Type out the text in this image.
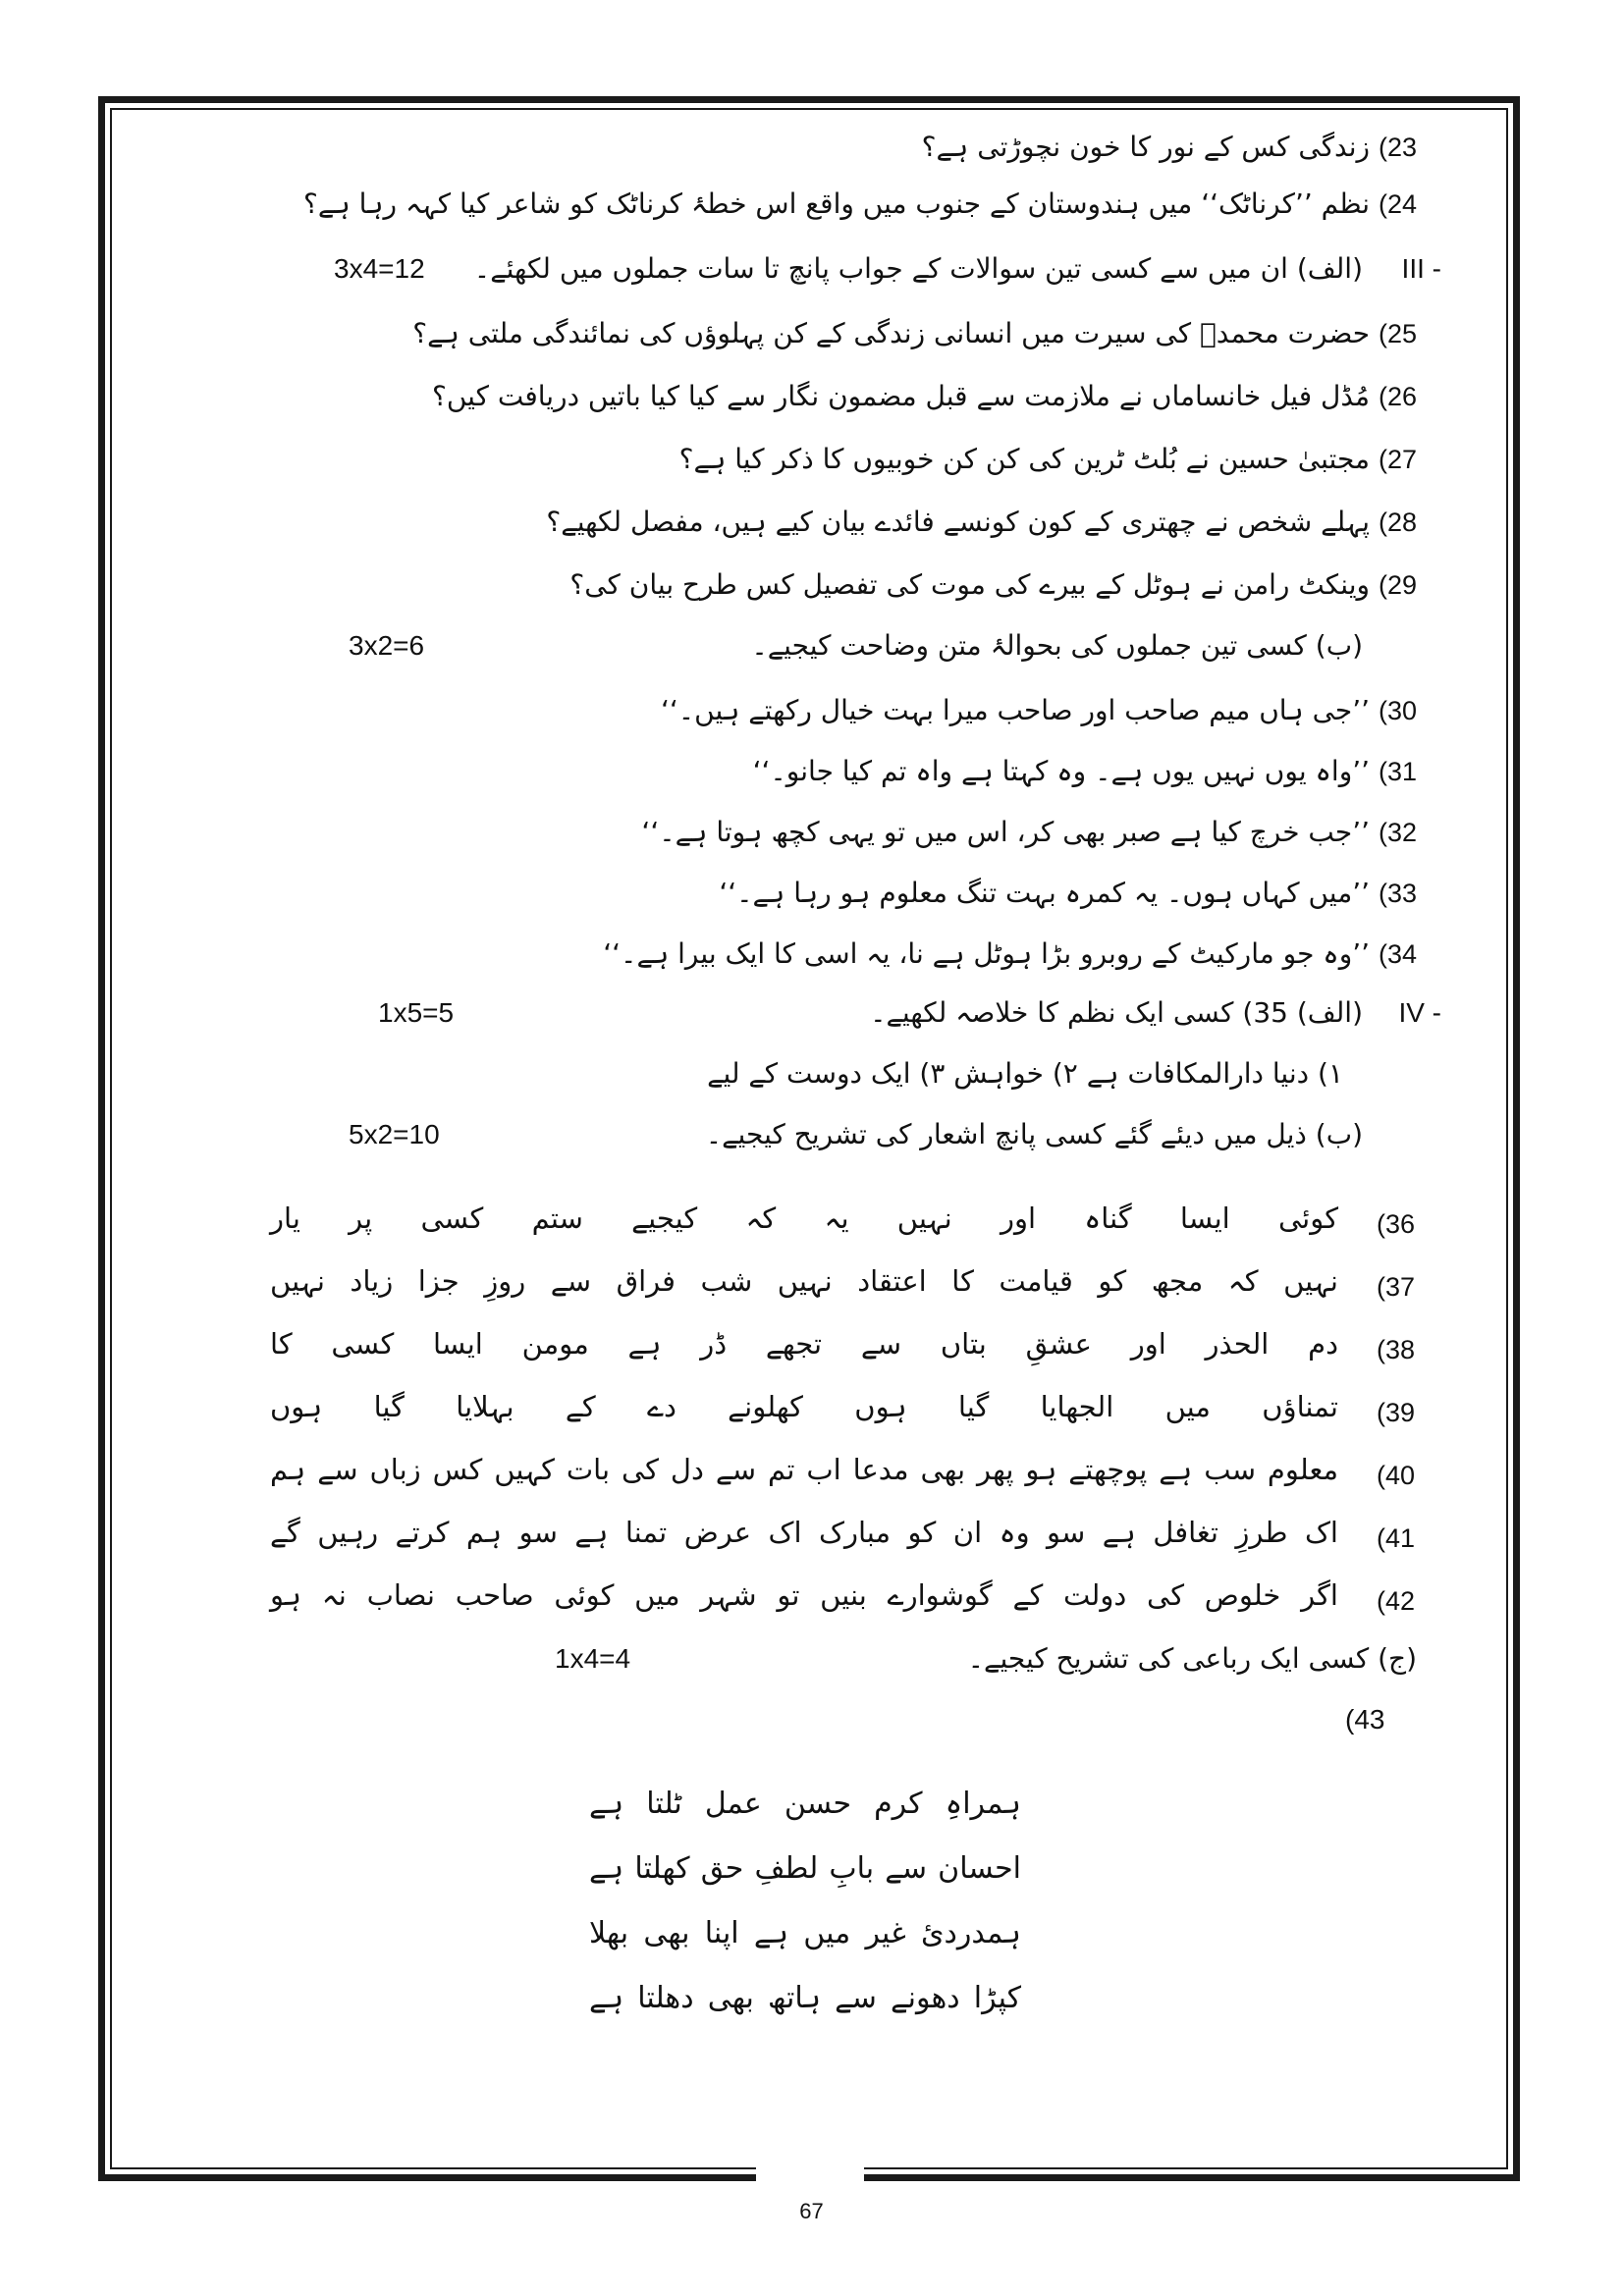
23) زندگی کس کے نور کا خون نچوڑتی ہے؟
24) نظم ’’کرناٹک‘‘ میں ہندوستان کے جنوب میں واقع اس خطۂ کرناٹک کو شاعر کیا کہہ رہا ہے؟
III -
(الف) ان میں سے کسی تین سوالات کے جواب پانچ تا سات جملوں میں لکھئے۔
3x4=12
25) حضرت محمدؐ کی سیرت میں انسانی زندگی کے کن پہلوؤں کی نمائندگی ملتی ہے؟
26) مُڈل فیل خانساماں نے ملازمت سے قبل مضمون نگار سے کیا کیا باتیں دریافت کیں؟
27) مجتبیٰ حسین نے بُلٹ ٹرین کی کن کن خوبیوں کا ذکر کیا ہے؟
28) پہلے شخص نے چھتری کے کون کونسے فائدے بیان کیے ہیں، مفصل لکھیے؟
29) وینکٹ رامن نے ہوٹل کے بیرے کی موت کی تفصیل کس طرح بیان کی؟
(ب) کسی تین جملوں کی بحوالۂ متن وضاحت کیجیے۔
3x2=6
30) ’’جی ہاں میم صاحب اور صاحب میرا بہت خیال رکھتے ہیں۔‘‘
31) ’’واہ یوں نہیں یوں ہے۔ وہ کہتا ہے واہ تم کیا جانو۔‘‘
32) ’’جب خرچ کیا ہے صبر بھی کر، اس میں تو یہی کچھ ہوتا ہے۔‘‘
33) ’’میں کہاں ہوں۔ یہ کمرہ بہت تنگ معلوم ہو رہا ہے۔‘‘
34) ’’وہ جو مارکیٹ کے روبرو بڑا ہوٹل ہے نا، یہ اسی کا ایک بیرا ہے۔‘‘
IV -
(الف) 35) کسی ایک نظم کا خلاصہ لکھیے۔
1x5=5
۱) دنیا دارالمکافات ہے ۲) خواہش ۳) ایک دوست کے لیے
(ب) ذیل میں دیئے گئے کسی پانچ اشعار کی تشریح کیجیے۔
5x2=10
(36
کوئی ایسا گناہ اور نہیں یہ کہ کیجیے ستم کسی پر یار
(37
نہیں کہ مجھ کو قیامت کا اعتقاد نہیں شب فراق سے روزِ جزا زیاد نہیں
(38
دم الحذر اور عشقِ بتاں سے تجھے ڈر ہے مومن ایسا کسی کا
(39
تمناؤں میں الجھایا گیا ہوں کھلونے دے کے بہلایا گیا ہوں
(40
معلوم سب ہے پوچھتے ہو پھر بھی مدعا اب تم سے دل کی بات کہیں کس زباں سے ہم
(41
اک طرزِ تغافل ہے سو وہ ان کو مبارک اک عرض تمنا ہے سو ہم کرتے رہیں گے
(42
اگر خلوص کی دولت کے گوشوارے بنیں تو شہر میں کوئی صاحب نصاب نہ ہو
(ج) کسی ایک رباعی کی تشریح کیجیے۔
1x4=4
(43
ہمراہِ کرم حسن عمل ٹلتا ہے
احسان سے بابِ لطفِ حق کھلتا ہے
ہمدردیٔ غیر میں ہے اپنا بھی بھلا
کپڑا دھونے سے ہاتھ بھی دھلتا ہے
67
